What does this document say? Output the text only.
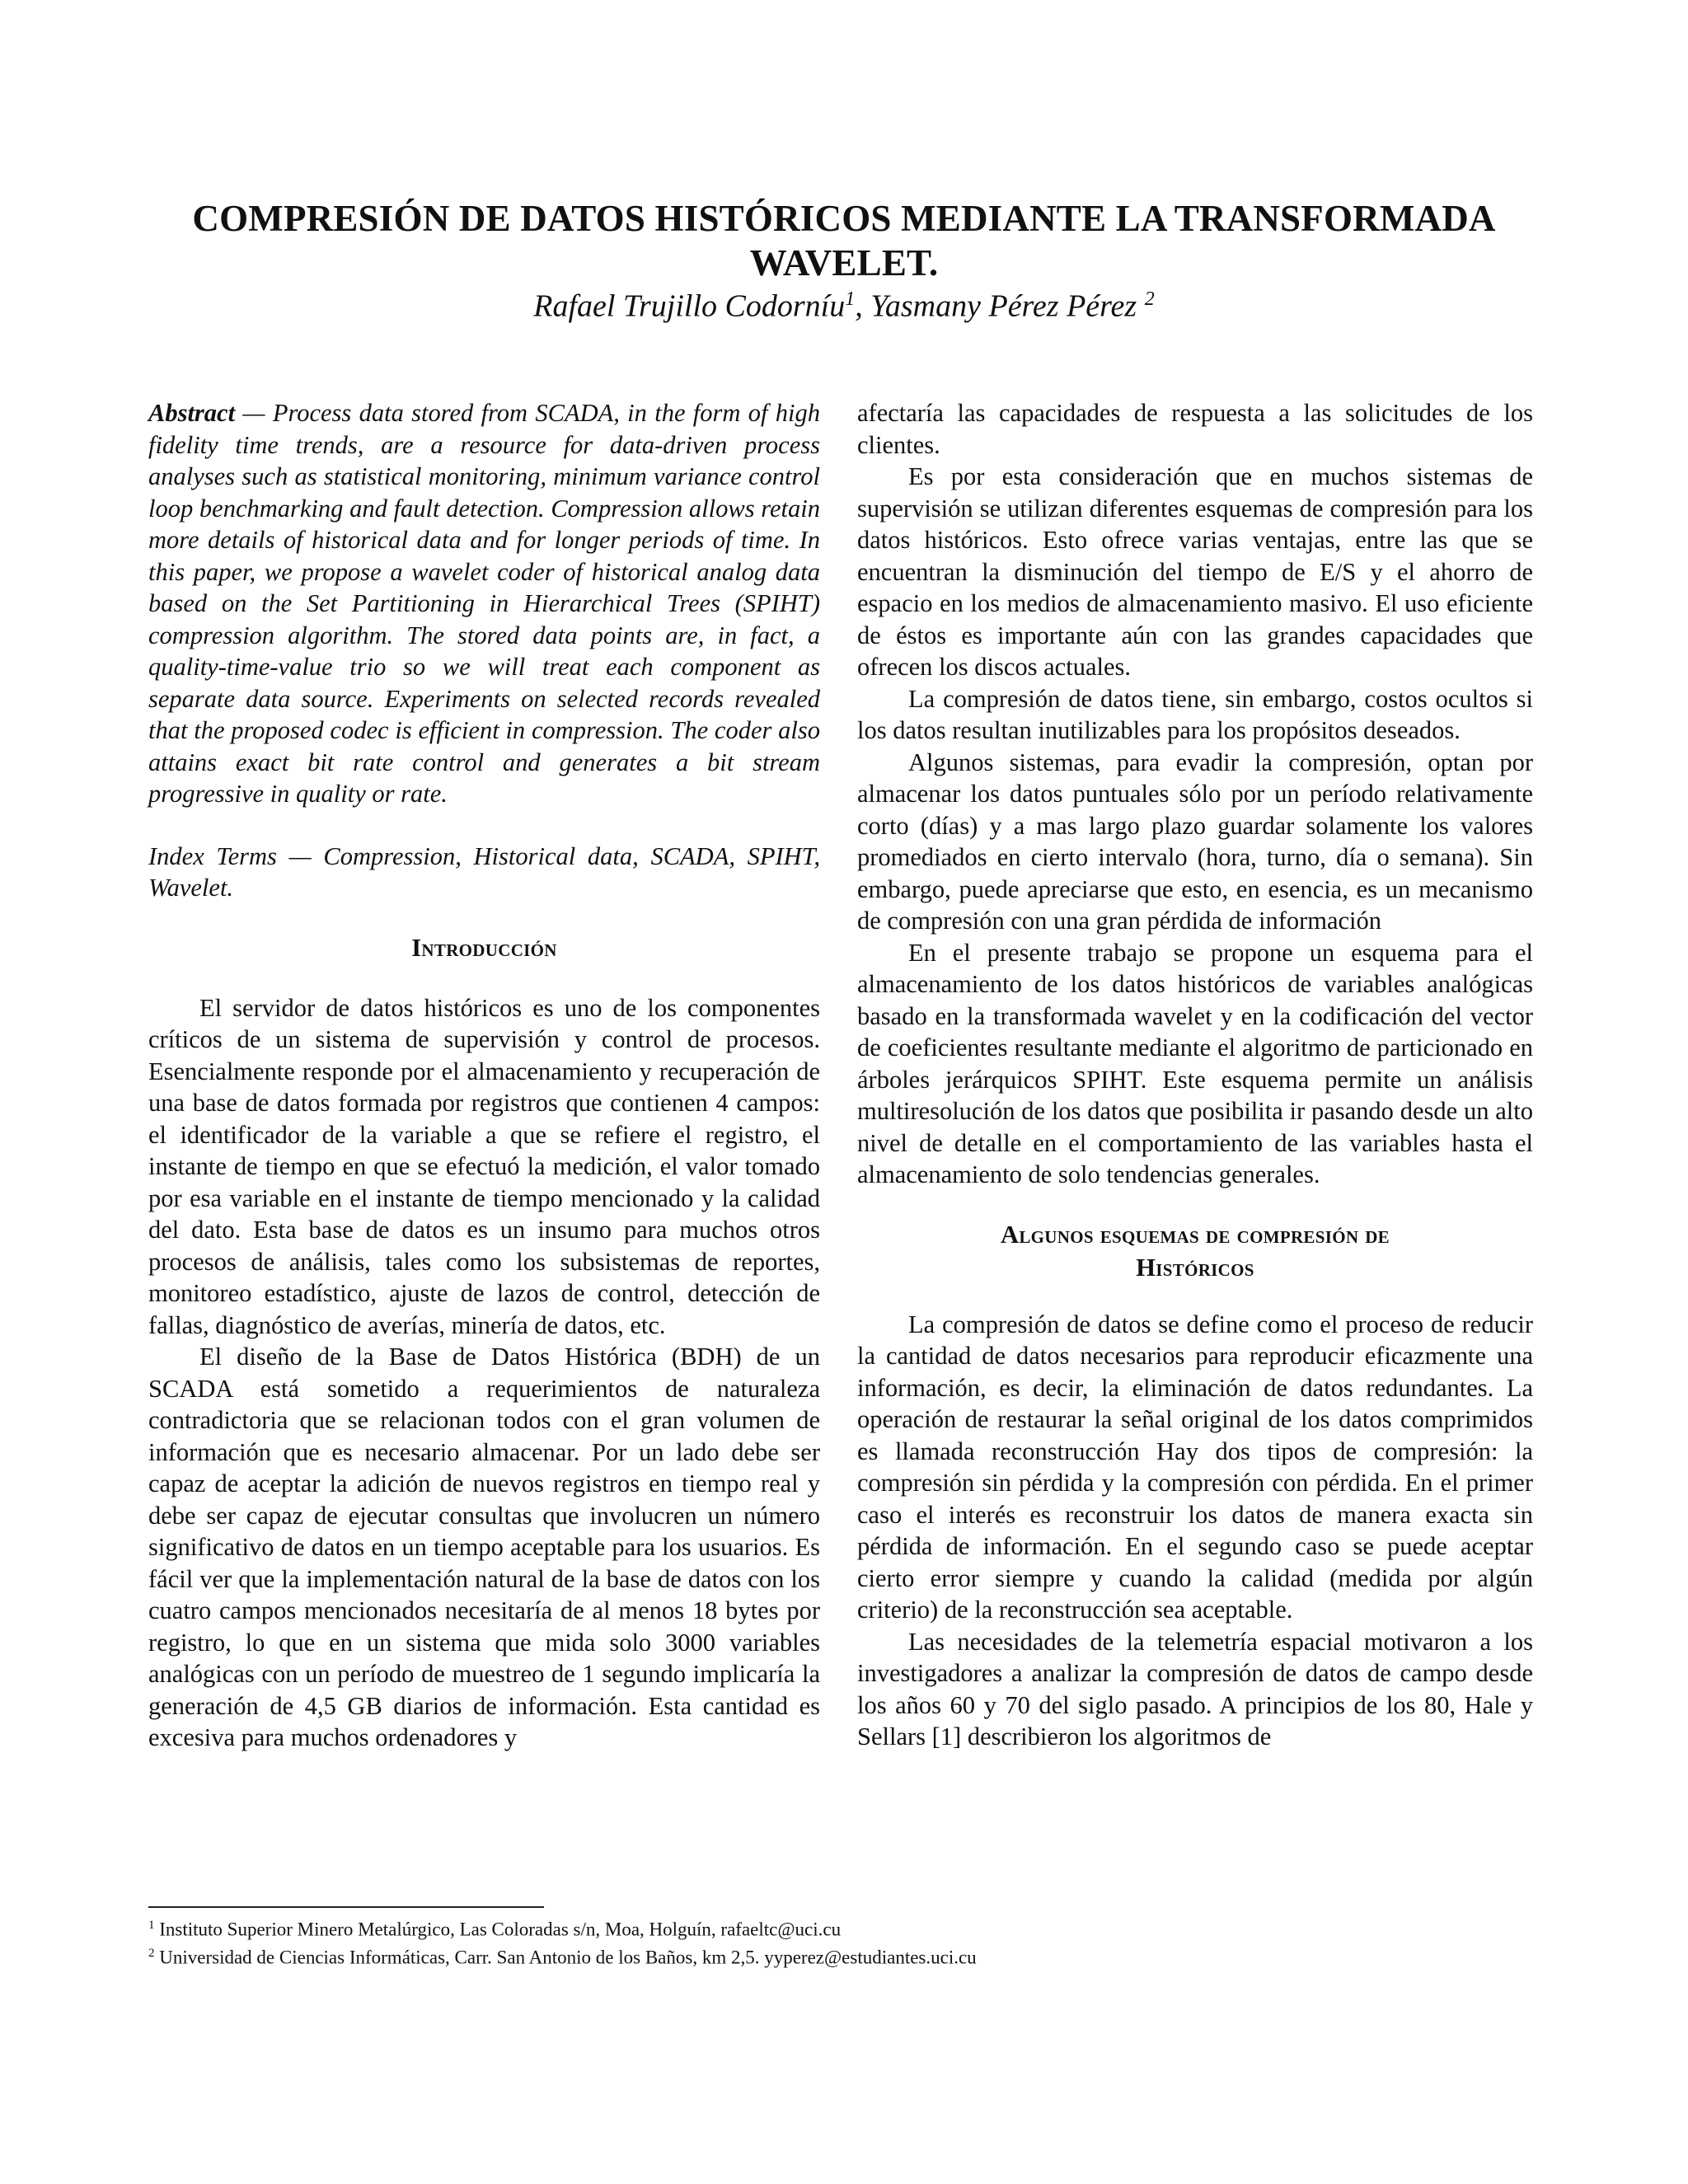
COMPRESIÓN DE DATOS HISTÓRICOS MEDIANTE LA TRANSFORMADA WAVELET.
Rafael Trujillo Codorníu$^1$, Yasmany Pérez Pérez $^2$

Abstract — Process data stored from SCADA, in the form of high fidelity time trends, are a resource for data-driven process analyses such as statistical monitoring, minimum variance control loop benchmarking and fault detection. Compression allows retain more details of historical data and for longer periods of time. In this paper, we propose a wavelet coder of historical analog data based on the Set Partitioning in Hierarchical Trees (SPIHT) compression algorithm. The stored data points are, in fact, a quality-time-value trio so we will treat each component as separate data source. Experiments on selected records revealed that the proposed codec is efficient in compression. The coder also attains exact bit rate control and generates a bit stream progressive in quality or rate.

Index Terms — Compression, Historical data, SCADA, SPIHT, Wavelet.

Introducción

El servidor de datos históricos es uno de los componentes críticos de un sistema de supervisión y control de procesos. Esencialmente responde por el almacenamiento y recuperación de una base de datos formada por registros que contienen 4 campos: el identificador de la variable a que se refiere el registro, el instante de tiempo en que se efectuó la medición, el valor tomado por esa variable en el instante de tiempo mencionado y la calidad del dato. Esta base de datos es un insumo para muchos otros procesos de análisis, tales como los subsistemas de reportes, monitoreo estadístico, ajuste de lazos de control, detección de fallas, diagnóstico de averías, minería de datos, etc.

El diseño de la Base de Datos Histórica (BDH) de un SCADA está sometido a requerimientos de naturaleza contradictoria que se relacionan todos con el gran volumen de información que es necesario almacenar. Por un lado debe ser capaz de aceptar la adición de nuevos registros en tiempo real y debe ser capaz de ejecutar consultas que involucren un número significativo de datos en un tiempo aceptable para los usuarios. Es fácil ver que la implementación natural de la base de datos con los cuatro campos mencionados necesitaría de al menos 18 bytes por registro, lo que en un sistema que mida solo 3000 variables analógicas con un período de muestreo de 1 segundo implicaría la generación de 4,5 GB diarios de información. Esta cantidad es excesiva para muchos ordenadores y

afectaría las capacidades de respuesta a las solicitudes de los clientes.

Es por esta consideración que en muchos sistemas de supervisión se utilizan diferentes esquemas de compresión para los datos históricos. Esto ofrece varias ventajas, entre las que se encuentran la disminución del tiempo de E/S y el ahorro de espacio en los medios de almacenamiento masivo. El uso eficiente de éstos es importante aún con las grandes capacidades que ofrecen los discos actuales.

La compresión de datos tiene, sin embargo, costos ocultos si los datos resultan inutilizables para los propósitos deseados.

Algunos sistemas, para evadir la compresión, optan por almacenar los datos puntuales sólo por un período relativamente corto (días) y a mas largo plazo guardar solamente los valores promediados en cierto intervalo (hora, turno, día o semana). Sin embargo, puede apreciarse que esto, en esencia, es un mecanismo de compresión con una gran pérdida de información

En el presente trabajo se propone un esquema para el almacenamiento de los datos históricos de variables analógicas basado en la transformada wavelet y en la codificación del vector de coeficientes resultante mediante el algoritmo de particionado en árboles jerárquicos SPIHT. Este esquema permite un análisis multiresolución de los datos que posibilita ir pasando desde un alto nivel de detalle en el comportamiento de las variables hasta el almacenamiento de solo tendencias generales.

Algunos esquemas de compresión de
Históricos

La compresión de datos se define como el proceso de reducir la cantidad de datos necesarios para reproducir eficazmente una información, es decir, la eliminación de datos redundantes. La operación de restaurar la señal original de los datos comprimidos es llamada reconstrucción Hay dos tipos de compresión: la compresión sin pérdida y la compresión con pérdida. En el primer caso el interés es reconstruir los datos de manera exacta sin pérdida de información. En el segundo caso se puede aceptar cierto error siempre y cuando la calidad (medida por algún criterio) de la reconstrucción sea aceptable.

Las necesidades de la telemetría espacial motivaron a los investigadores a analizar la compresión de datos de campo desde los años 60 y 70 del siglo pasado. A principios de los 80, Hale y Sellars [1] describieron los algoritmos de

$^1$ Instituto Superior Minero Metalúrgico, Las Coloradas s/n, Moa, Holguín, rafaeltc@uci.cu
$^2$ Universidad de Ciencias Informáticas, Carr. San Antonio de los Baños, km 2,5. yyperez@estudiantes.uci.cu
